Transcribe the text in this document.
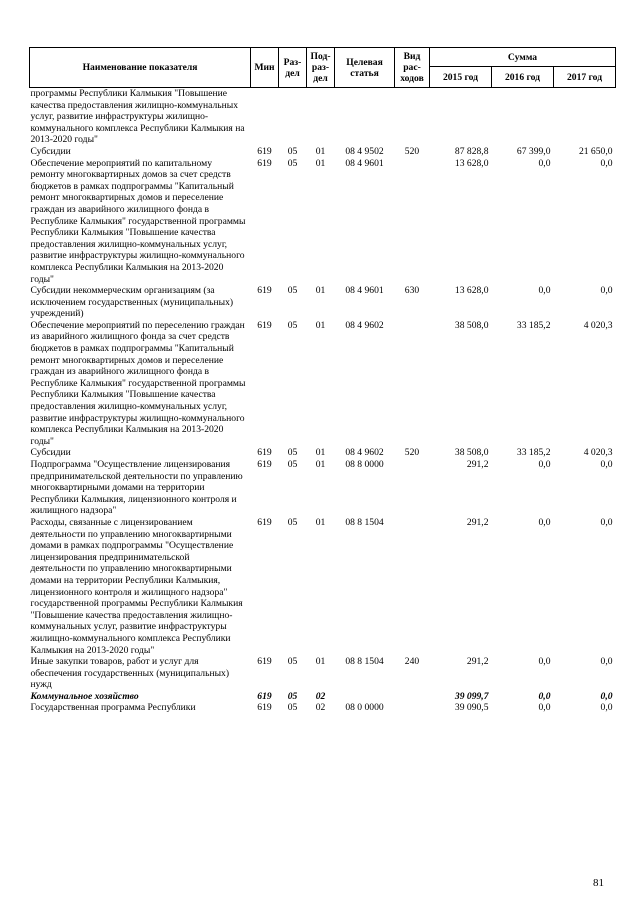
Наименование показателя	Мин	Раз-дел	Под-раз-дел	Целевая статья	Вид рас-ходов	Сумма		
						2015 год	2016 год	2017 год
программы Республики Калмыкия "Повышение качества предоставления жилищно-коммунальных услуг, развитие инфраструктуры жилищно-коммунального комплекса Республики Калмыкия на 2013-2020 годы"								
Субсидии	619	05	01	08 4 9502	520	87 828,8	67 399,0	21 650,0
Обеспечение мероприятий по капитальному ремонту многоквартирных домов за счет средств бюджетов в рамках подпрограммы "Капитальный ремонт многоквартирных домов и переселение граждан из аварийного жилищного фонда в Республике Калмыкия" государственной программы Республики Калмыкия "Повышение качества предоставления жилищно-коммунальных услуг, развитие инфраструктуры жилищно-коммунального комплекса Республики Калмыкия на 2013-2020 годы"	619	05	01	08 4 9601		13 628,0	0,0	0,0
Субсидии некоммерческим организациям (за исключением государственных (муниципальных) учреждений)	619	05	01	08 4 9601	630	13 628,0	0,0	0,0
Обеспечение мероприятий по переселению граждан из аварийного жилищного фонда за счет средств бюджетов в рамках подпрограммы "Капитальный ремонт многоквартирных домов и переселение граждан из аварийного жилищного фонда в Республике Калмыкия" государственной программы Республики Калмыкия "Повышение качества предоставления жилищно-коммунальных услуг, развитие инфраструктуры жилищно-коммунального комплекса Республики Калмыкия на 2013-2020 годы"	619	05	01	08 4 9602		38 508,0	33 185,2	4 020,3
Субсидии	619	05	01	08 4 9602	520	38 508,0	33 185,2	4 020,3
Подпрограмма "Осуществление лицензирования предпринимательской деятельности по управлению многоквартирными домами на территории Республики Калмыкия, лицензионного контроля и жилищного надзора"	619	05	01	08 8 0000		291,2	0,0	0,0
Расходы, связанные с лицензированием деятельности по управлению многоквартирными домами в рамках подпрограммы "Осуществление лицензирования предпринимательской деятельности по управлению многоквартирными домами на территории Республики Калмыкия, лицензионного контроля и жилищного надзора" государственной программы Республики Калмыкия "Повышение качества предоставления жилищно-коммунальных услуг, развитие инфраструктуры жилищно-коммунального комплекса Республики Калмыкия на 2013-2020 годы"	619	05	01	08 8 1504		291,2	0,0	0,0
Иные закупки товаров, работ и услуг для обеспечения государственных (муниципальных) нужд	619	05	01	08 8 1504	240	291,2	0,0	0,0
Коммунальное хозяйство	619	05	02			39 099,7	0,0	0,0
Государственная программа Республики	619	05	02	08 0 0000		39 090,5	0,0	0,0
81
